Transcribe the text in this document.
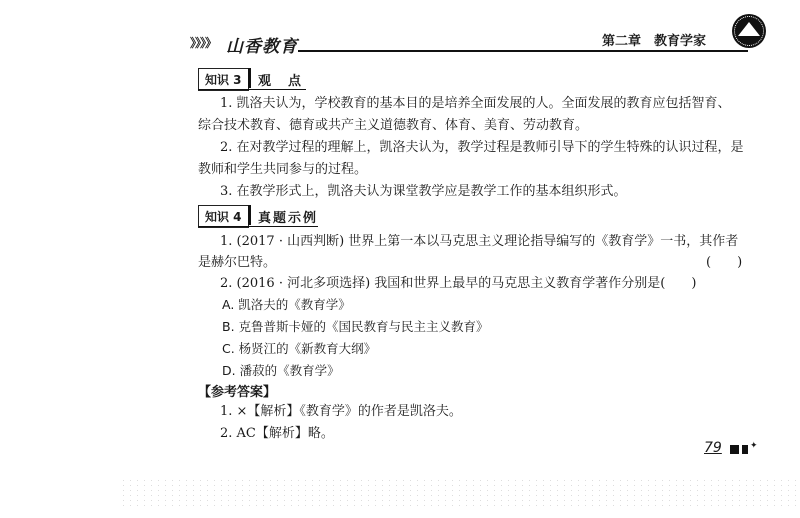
》》》》 山香教育	第二章　教育学家
知识 3	观　点
1. 凯洛夫认为，学校教育的基本目的是培养全面发展的人。全面发展的教育应包括智育、
综合技术教育、德育或共产主义道德教育、体育、美育、劳动教育。
2. 在对教学过程的理解上，凯洛夫认为，教学过程是教师引导下的学生特殊的认识过程，是
教师和学生共同参与的过程。
3. 在教学形式上，凯洛夫认为课堂教学应是教学工作的基本组织形式。
知识 4	真题示例
1. (2017 · 山西判断) 世界上第一本以马克思主义理论指导编写的《教育学》一书，其作者
是赫尔巴特。	(　　)
2. (2016 · 河北多项选择) 我国和世界上最早的马克思主义教育学著作分别是(　　)
A. 凯洛夫的《教育学》
B. 克鲁普斯卡娅的《国民教育与民主主义教育》
C. 杨贤江的《新教育大纲》
D. 潘菽的《教育学》
【参考答案】
1. ×【解析】《教育学》的作者是凯洛夫。
2. AC【解析】略。
79	✦
